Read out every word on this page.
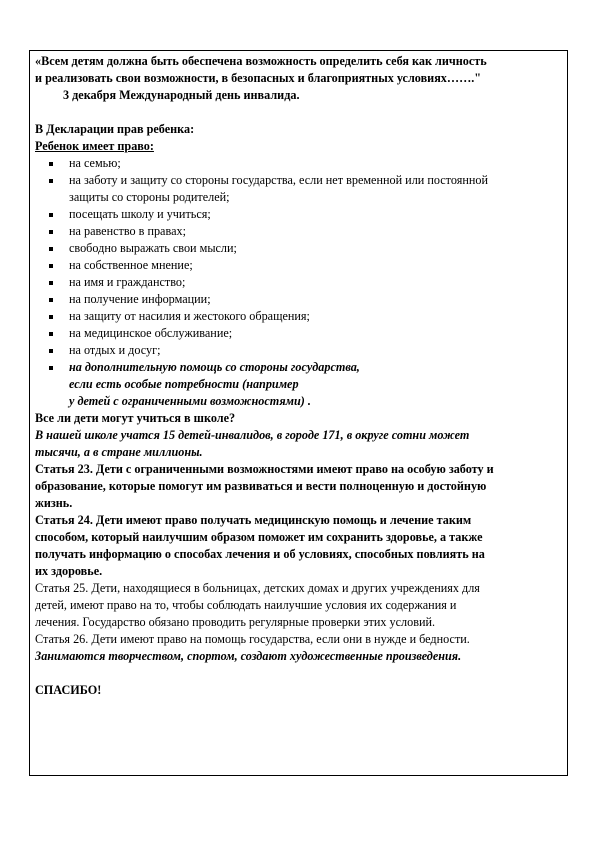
«Всем детям должна быть обеспечена возможность определить себя как личность

и реализовать свои возможности, в безопасных и благоприятных условиях……."

3 декабря Международный день инвалида.

В Декларации прав ребенка:

Ребенок имеет право:

на семью;
на заботу и защиту со стороны государства, если нет временной или постоянной
защиты со стороны родителей;
посещать школу и учиться;
на равенство в правах;
свободно выражать свои мысли;
на собственное мнение;
на имя и гражданство;
на получение информации;
на защиту от насилия и жестокого обращения;
на медицинское обслуживание;
на отдых и досуг;
на дополнительную помощь со стороны государства,
если есть особые потребности (например
у детей с ограниченными возможностями) .

Все ли дети могут учиться в школе?

В нашей школе учатся 15 детей-инвалидов, в городе 171, в округе сотни может

тысячи, а в стране миллионы.

Статья 23. Дети с ограниченными возможностями имеют право на особую заботу и

образование, которые помогут им развиваться и вести полноценную и достойную

жизнь.

Статья 24. Дети имеют право получать медицинскую помощь и лечение таким

способом, который наилучшим образом поможет им сохранить здоровье, а также

получать информацию о способах лечения и об условиях, способных повлиять на

их здоровье.

Статья 25. Дети, находящиеся в больницах, детских домах и других учреждениях для

детей, имеют право на то, чтобы соблюдать наилучшие условия их содержания и

лечения. Государство обязано проводить регулярные проверки этих условий.

Статья 26. Дети имеют право на помощь государства, если они в нужде и бедности.

Занимаются творчеством, спортом, создают художественные произведения.

СПАСИБО!
